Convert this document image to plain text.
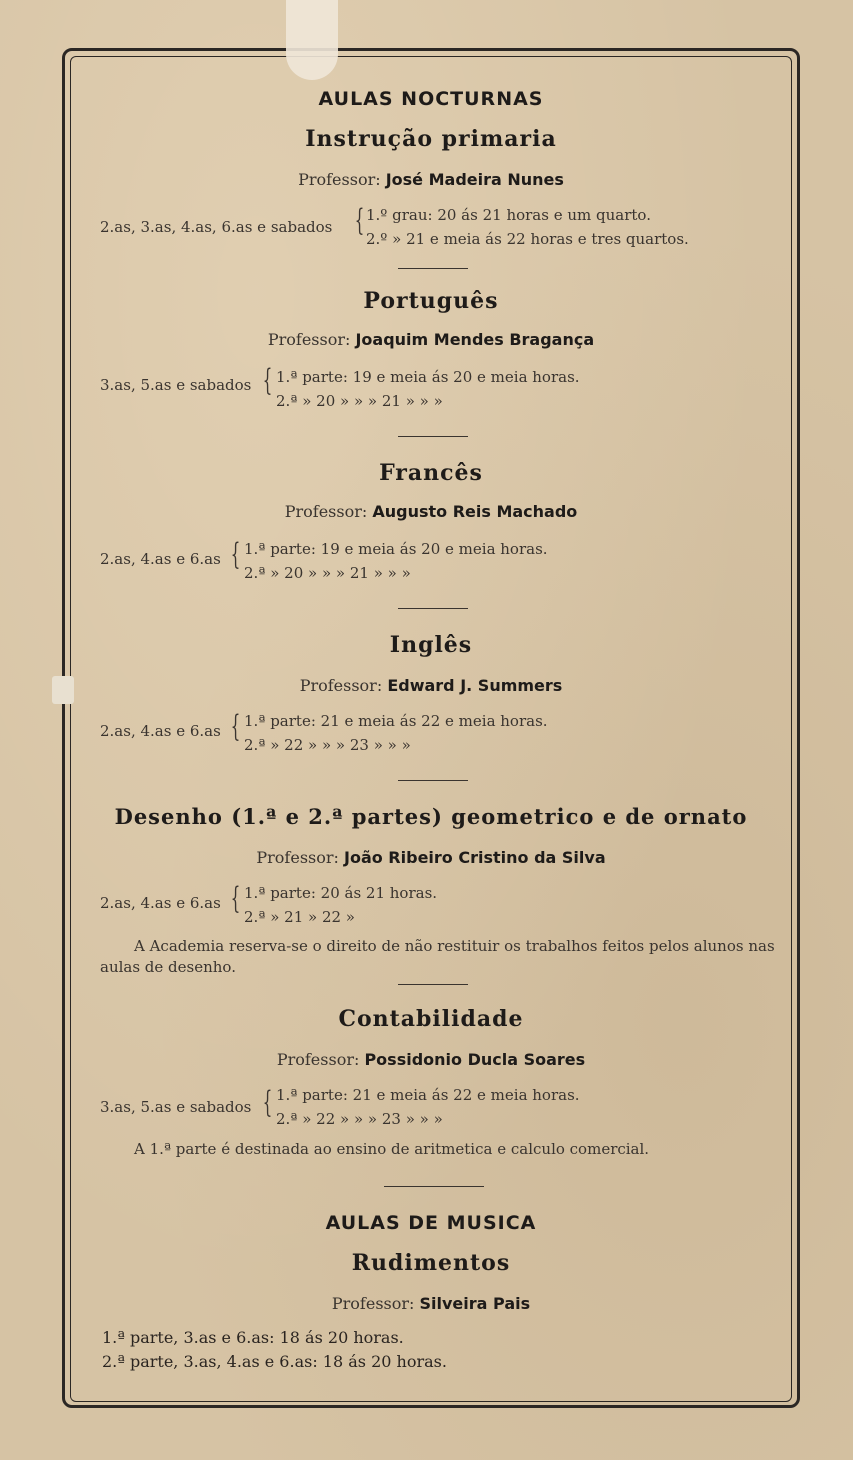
AULAS NOCTURNAS
Instrução primaria
Professor: José Madeira Nunes
2.as, 3.as, 4.as, 6.as e sabados { 1.º grau: 20 ás 21 horas e um quarto.
2.º » 21 e meia ás 22 horas e tres quartos.
Português
Professor: Joaquim Mendes Bragança
3.as, 5.as e sabados { 1.ª parte: 19 e meia ás 20 e meia horas.
2.ª » 20 » » » 21 » » »
Francês
Professor: Augusto Reis Machado
2.as, 4.as e 6.as { 1.ª parte: 19 e meia ás 20 e meia horas.
2.ª » 20 » » » 21 » » »
Inglês
Professor: Edward J. Summers
2.as, 4.as e 6.as { 1.ª parte: 21 e meia ás 22 e meia horas.
2.ª » 22 » » » 23 » » »
Desenho (1.ª e 2.ª partes) geometrico e de ornato
Professor: João Ribeiro Cristino da Silva
2.as, 4.as e 6.as { 1.ª parte: 20 ás 21 horas.
2.ª » 21 » 22 »
A Academia reserva-se o direito de não restituir os trabalhos feitos pelos alunos nas aulas de desenho.
Contabilidade
Professor: Possidonio Ducla Soares
3.as, 5.as e sabados { 1.ª parte: 21 e meia ás 22 e meia horas.
2.ª » 22 » » » 23 » » »
A 1.ª parte é destinada ao ensino de aritmetica e calculo comercial.
AULAS DE MUSICA
Rudimentos
Professor: Silveira Pais
1.ª parte, 3.as e 6.as: 18 ás 20 horas.
2.ª parte, 3.as, 4.as e 6.as: 18 ás 20 horas.
